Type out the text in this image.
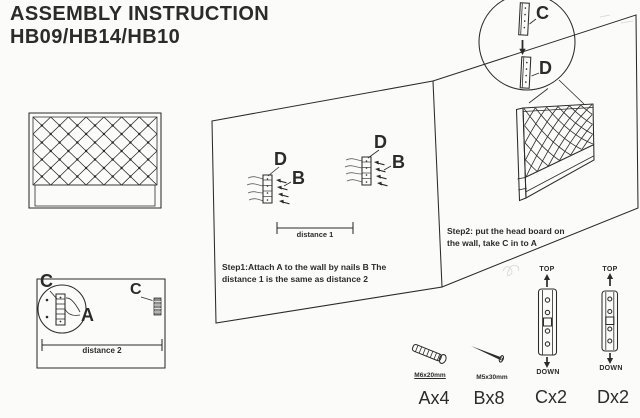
ASSEMBLY INSTRUCTION
HB09/HB14/HB10
Step1:Attach A to the wall by nails B The
distance 1 is the same as distance 2
Step2: put the head board on
the wall, take C in to A
distance 1
distance 2
D
B
D
B
C
D
C
A
C
TOP	TOP
DOWN
DOWN
M6x20mm	M5x30mm
Ax4 Bx8 Cx2 Dx2
